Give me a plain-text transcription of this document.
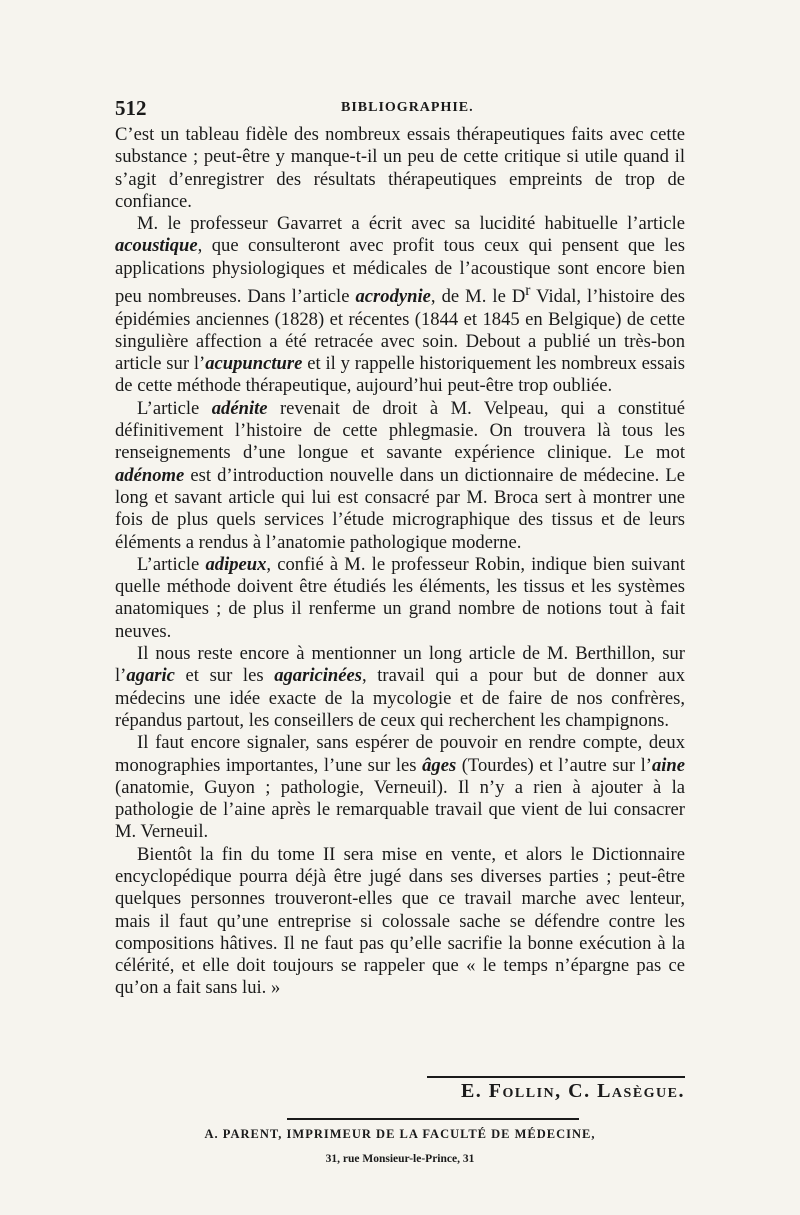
512	BIBLIOGRAPHIE.

C’est un tableau fidèle des nombreux essais thérapeutiques faits avec cette substance ; peut-être y manque-t-il un peu de cette critique si utile quand il s’agit d’enregistrer des résultats thérapeutiques empreints de trop de confiance.

M. le professeur Gavarret a écrit avec sa lucidité habituelle l’article acoustique, que consulteront avec profit tous ceux qui pensent que les applications physiologiques et médicales de l’acoustique sont encore bien peu nombreuses. Dans l’article acrodynie, de M. le $D^r$ Vidal, l’histoire des épidémies anciennes (1828) et récentes (1844 et 1845 en Belgique) de cette singulière affection a été retracée avec soin. Debout a publié un très-bon article sur l’acupuncture et il y rappelle historiquement les nombreux essais de cette méthode thérapeutique, aujourd’hui peut-être trop oubliée.

L’article adénite revenait de droit à M. Velpeau, qui a constitué définitivement l’histoire de cette phlegmasie. On trouvera là tous les renseignements d’une longue et savante expérience clinique. Le mot adénome est d’introduction nouvelle dans un dictionnaire de médecine. Le long et savant article qui lui est consacré par M. Broca sert à montrer une fois de plus quels services l’étude micrographique des tissus et de leurs éléments a rendus à l’anatomie pathologique moderne.

L’article adipeux, confié à M. le professeur Robin, indique bien suivant quelle méthode doivent être étudiés les éléments, les tissus et les systèmes anatomiques ; de plus il renferme un grand nombre de notions tout à fait neuves.

Il nous reste encore à mentionner un long article de M. Berthillon, sur l’agaric et sur les agaricinées, travail qui a pour but de donner aux médecins une idée exacte de la mycologie et de faire de nos confrères, répandus partout, les conseillers de ceux qui recherchent les champignons.

Il faut encore signaler, sans espérer de pouvoir en rendre compte, deux monographies importantes, l’une sur les âges (Tourdes) et l’autre sur l’aine (anatomie, Guyon ; pathologie, Verneuil). Il n’y a rien à ajouter à la pathologie de l’aine après le remarquable travail que vient de lui consacrer M. Verneuil.

Bientôt la fin du tome II sera mise en vente, et alors le Dictionnaire encyclopédique pourra déjà être jugé dans ses diverses parties ; peut-être quelques personnes trouveront-elles que ce travail marche avec lenteur, mais il faut qu’une entreprise si colossale sache se défendre contre les compositions hâtives. Il ne faut pas qu’elle sacrifie la bonne exécution à la célérité, et elle doit toujours se rappeler que « le temps n’épargne pas ce qu’on a fait sans lui. »

E. Follin, C. Lasègue.
A. PARENT, IMPRIMEUR DE LA FACULTÉ DE MÉDECINE,
31, rue Monsieur-le-Prince, 31
